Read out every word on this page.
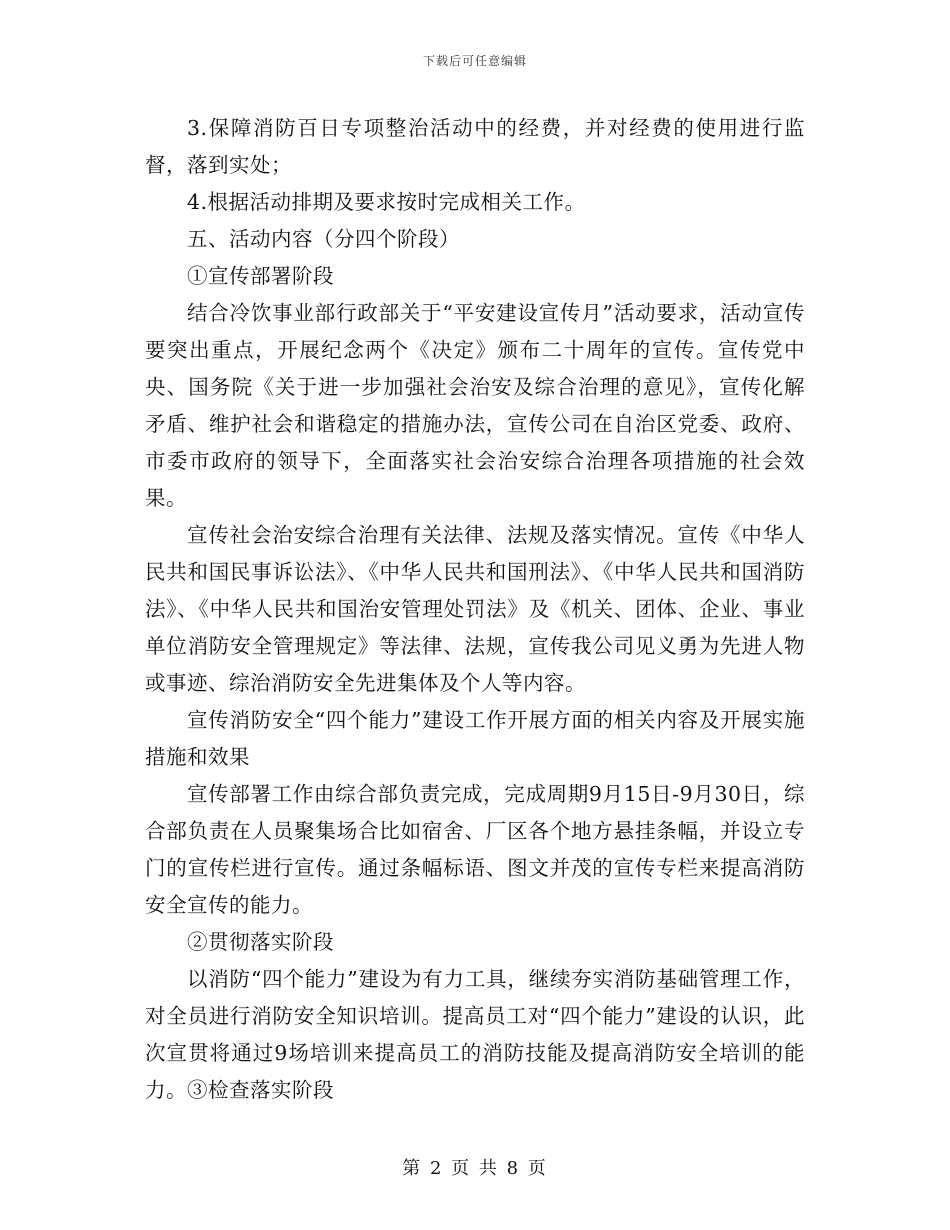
下载后可任意编辑

3.保障消防百日专项整治活动中的经费，并对经费的使用进行监督，落到实处；

4.根据活动排期及要求按时完成相关工作。

五、活动内容（分四个阶段）

①宣传部署阶段

结合冷饮事业部行政部关于“平安建设宣传月”活动要求，活动宣传要突出重点，开展纪念两个《决定》颁布二十周年的宣传。宣传党中央、国务院《关于进一步加强社会治安及综合治理的意见》，宣传化解矛盾、维护社会和谐稳定的措施办法，宣传公司在自治区党委、政府、市委市政府的领导下，全面落实社会治安综合治理各项措施的社会效果。

宣传社会治安综合治理有关法律、法规及落实情况。宣传《中华人民共和国民事诉讼法》、《中华人民共和国刑法》、《中华人民共和国消防法》、《中华人民共和国治安管理处罚法》及《机关、团体、企业、事业单位消防安全管理规定》等法律、法规，宣传我公司见义勇为先进人物或事迹、综治消防安全先进集体及个人等内容。

宣传消防安全“四个能力”建设工作开展方面的相关内容及开展实施措施和效果

宣传部署工作由综合部负责完成，完成周期9月15日-9月30日，综合部负责在人员聚集场合比如宿舍、厂区各个地方悬挂条幅，并设立专门的宣传栏进行宣传。通过条幅标语、图文并茂的宣传专栏来提高消防安全宣传的能力。

②贯彻落实阶段

以消防“四个能力”建设为有力工具，继续夯实消防基础管理工作，对全员进行消防安全知识培训。提高员工对“四个能力”建设的认识，此次宣贯将通过9场培训来提高员工的消防技能及提高消防安全培训的能力。③检查落实阶段

第 2 页 共 8 页
